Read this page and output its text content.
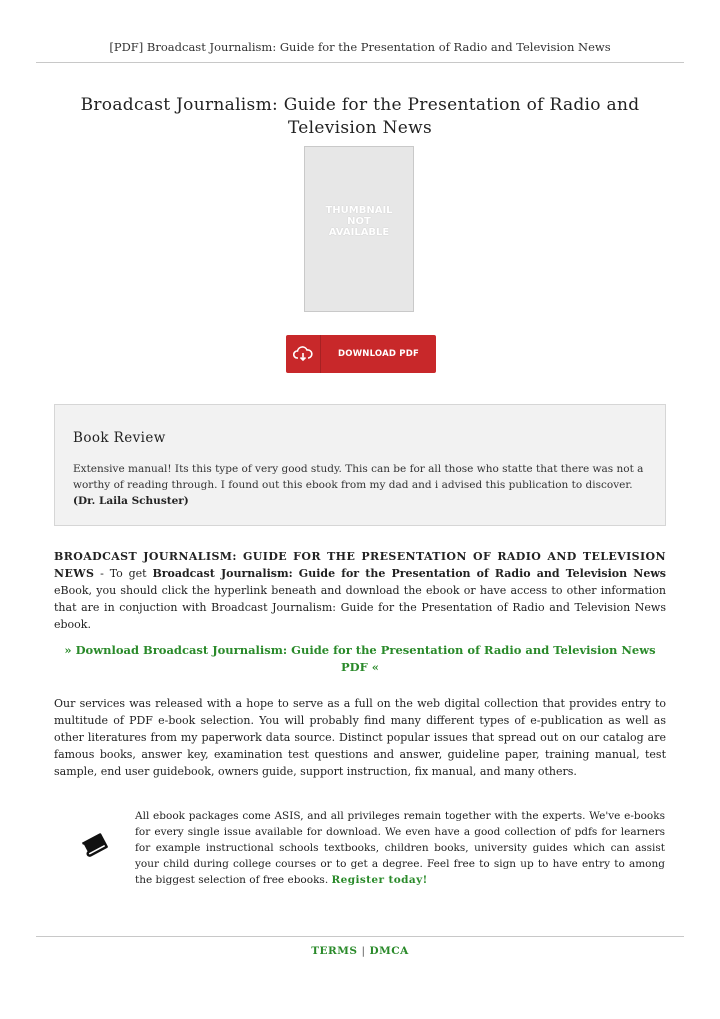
[PDF] Broadcast Journalism: Guide for the Presentation of Radio and Television News
Broadcast Journalism: Guide for the Presentation of Radio and Television News
THUMBNAIL
NOT
AVAILABLE
DOWNLOAD PDF
Book Review
Extensive manual! Its this type of very good study. This can be for all those who statte that there was not a worthy of reading through. I found out this ebook from my dad and i advised this publication to discover.
(Dr. Laila Schuster)
BROADCAST JOURNALISM: GUIDE FOR THE PRESENTATION OF RADIO AND TELEVISION NEWS - To get Broadcast Journalism: Guide for the Presentation of Radio and Television News eBook, you should click the hyperlink beneath and download the ebook or have access to other information that are in conjuction with Broadcast Journalism: Guide for the Presentation of Radio and Television News ebook.
» Download Broadcast Journalism: Guide for the Presentation of Radio and Television News PDF «
Our services was released with a hope to serve as a full on the web digital collection that provides entry to multitude of PDF e-book selection. You will probably find many different types of e-publication as well as other literatures from my paperwork data source. Distinct popular issues that spread out on our catalog are famous books, answer key, examination test questions and answer, guideline paper, training manual, test sample, end user guidebook, owners guide, support instruction, fix manual, and many others.
All ebook packages come ASIS, and all privileges remain together with the experts. We've e-books for every single issue available for download. We even have a good collection of pdfs for learners for example instructional schools textbooks, children books, university guides which can assist your child during college courses or to get a degree. Feel free to sign up to have entry to among the biggest selection of free ebooks. Register today!
TERMS | DMCA
